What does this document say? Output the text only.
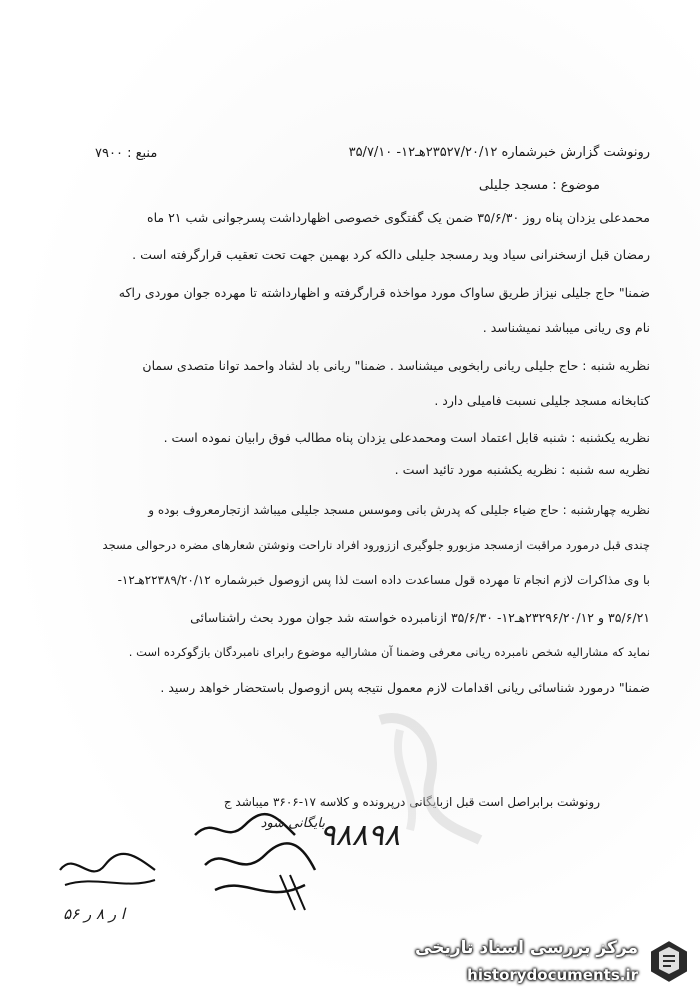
رونوشت گزارش خبرشماره ۲۳۵۲۷/۲۰/۱۲هـ۱۲- ۳۵/۷/۱۰
منبع : ۷۹۰۰
موضوع : مسجد جلیلی
محمدعلی یزدان پناه روز ۳۵/۶/۳۰ ضمن یک گفتگوی خصوصی اظهارداشت پسرجوانی شب ۲۱ ماه
رمضان قبل ازسخنرانی سیاد وید رمسجد جلیلی دالکه کرد بهمین جهت تحت تعقیب قرارگرفته است .
ضمنا" حاج جلیلی نیزاز طریق ساواک مورد مواخذه قرارگرفته و اظهارداشته تا مهرده جوان موردی راکه
نام وی ریانی میباشد نمیشناسد .
نظریه شنبه : حاج جلیلی ریانی رابخوبی میشناسد . ضمنا" ریانی باد لشاد واحمد توانا متصدی سمان
کتابخانه مسجد جلیلی نسبت فامیلی دارد .
نظریه یکشنبه : شنبه قابل اعتماد است ومحمدعلی یزدان پناه مطالب فوق رابیان نموده است .
نظریه سه شنبه : نظریه یکشنبه مورد تائید است .
نظریه چهارشنبه : حاج ضیاء جلیلی که پدرش بانی وموسس مسجد جلیلی میباشد ازتجارمعروف بوده و
چندی قبل درمورد مراقبت ازمسجد مزبورو جلوگیری اززورود افراد ناراحت ونوشتن شعارهای مضره درحوالی مسجد
با وی مذاکرات لازم انجام تا مهرده قول مساعدت داده است لذا پس ازوصول خبرشماره ۲۲۳۸۹/۲۰/۱۲هـ۱۲-
۳۵/۶/۲۱ و ۲۳۲۹۶/۲۰/۱۲هـ۱۲- ۳۵/۶/۳۰ ازنامبرده خواسته شد جوان مورد بحث راشناسائی
نماید که مشارالیه شخص نامبرده ریانی معرفی وضمنا آن مشارالیه موضوع رابرای نامبردگان بازگوکرده است .
ضمنا" درمورد شناسائی ریانی اقدامات لازم معمول نتیجه پس ازوصول باستحضار خواهد رسید .
رونوشت برابراصل است قبل ازبایگانی درپرونده و کلاسه ۱۷-۳۶۰۶ میباشد ج
۹۸۸۹۸
بایگانی شود
ا ر ۸ ر ۵۶
مرکز بررسی اسناد تاریخی
historydocuments.ir
